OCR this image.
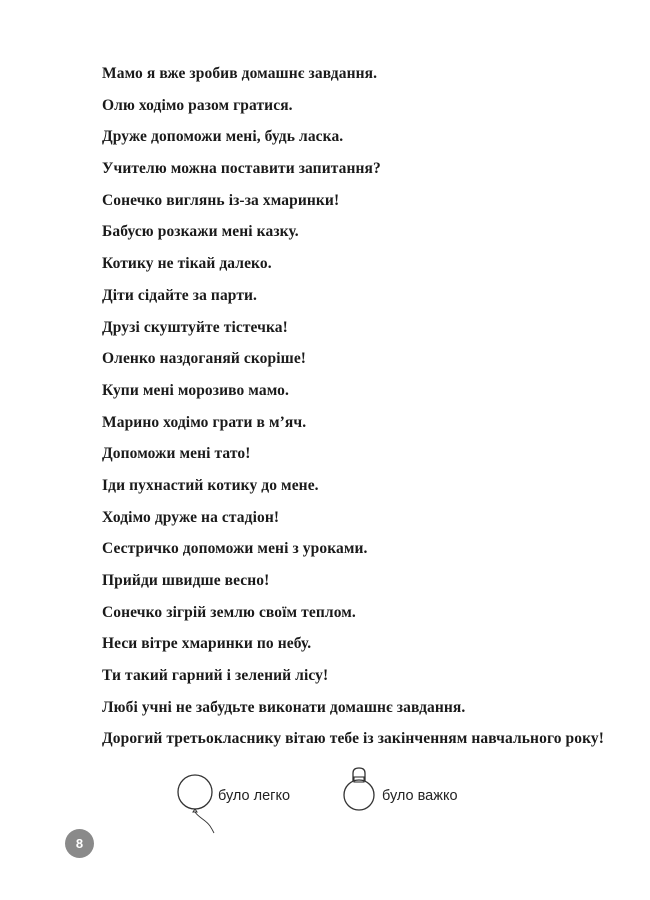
Мамо я вже зробив домашнє завдання.
Олю ходімо разом гратися.
Друже допоможи мені, будь ласка.
Учителю можна поставити запитання?
Сонечко виглянь із-за хмаринки!
Бабусю розкажи мені казку.
Котику не тікай далеко.
Діти сідайте за парти.
Друзі скуштуйте тістечка!
Оленко наздоганяй скоріше!
Купи мені морозиво мамо.
Марино ходімо грати в м’яч.
Допоможи мені тато!
Іди пухнастий котику до мене.
Ходімо друже на стадіон!
Сестричко допоможи мені з уроками.
Прийди швидше весно!
Сонечко зігрій землю своїм теплом.
Неси вітре хмаринки по небу.
Ти такий гарний і зелений лісу!
Любі учні не забудьте виконати домашнє завдання.
Дорогий третьокласнику вітаю тебе із закінченням навчального року!
було легко	було важко
8
